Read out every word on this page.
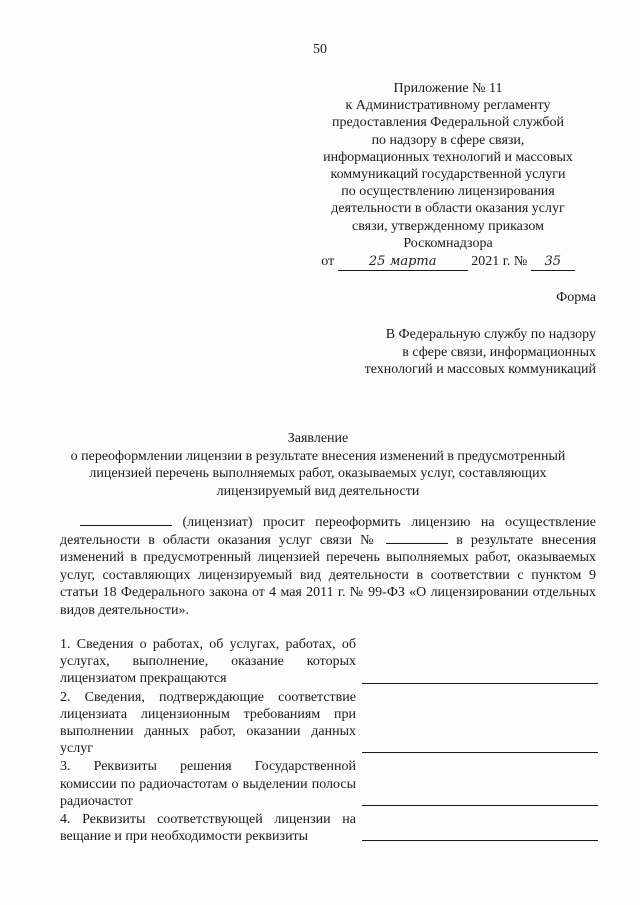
50
Приложение № 11
к Административному регламенту
предоставления Федеральной службой
по надзору в сфере связи,
информационных технологий и массовых
коммуникаций государственной услуги
по осуществлению лицензирования
деятельности в области оказания услуг
связи, утвержденному приказом
Роскомнадзора
от	25 марта 2021 г. № 35
Форма
В Федеральную службу по надзору
в сфере связи, информационных
технологий и массовых коммуникаций
Заявление
о переоформлении лицензии в результате внесения изменений в предусмотренный
лицензией перечень выполняемых работ, оказываемых услуг, составляющих
лицензируемый вид деятельности

(лицензиат) просит переоформить лицензию на осуществление деятельности в области оказания услуг связи №	в результате внесения изменений в предусмотренный лицензией перечень выполняемых работ, оказываемых услуг, составляющих лицензируемый вид деятельности в соответствии с пунктом 9 статьи 18 Федерального закона от 4 мая 2011 г. № 99-ФЗ «О лицензировании отдельных видов деятельности».

1. Сведения о работах, об услугах, работах, об услугах, выполнение, оказание которых лицензиатом прекращаются
2. Сведения, подтверждающие соответствие лицензиата лицензионным требованиям при выполнении данных работ, оказании данных услуг
3. Реквизиты решения Государственной комиссии по радиочастотам о выделении полосы радиочастот
4. Реквизиты соответствующей лицензии на вещание и при необходимости реквизиты
